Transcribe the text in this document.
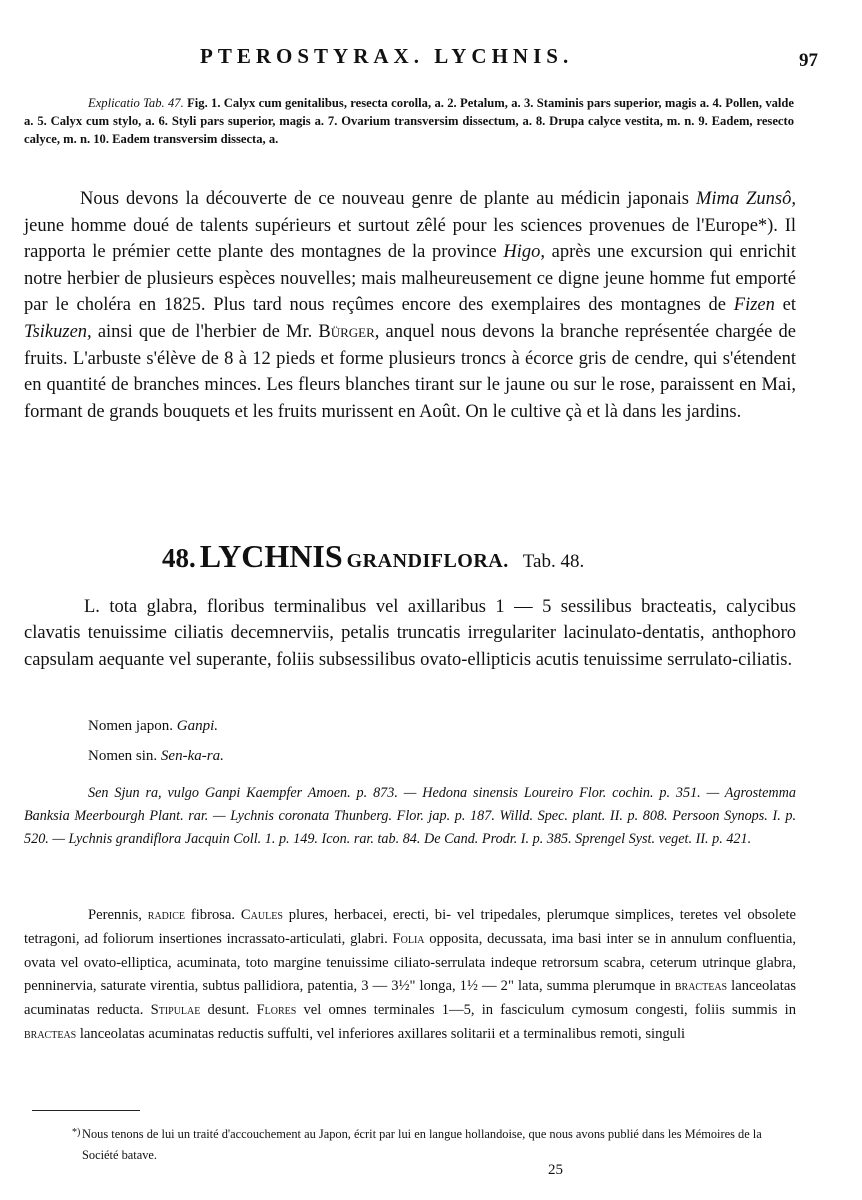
PTEROSTYRAX. LYCHNIS.	97
Explicatio Tab. 47. Fig. 1. Calyx cum genitalibus, resecta corolla, a. 2. Petalum, a. 3. Staminis pars superior, magis a. 4. Pollen, valde a. 5. Calyx cum stylo, a. 6. Styli pars superior, magis a. 7. Ovarium transversim dissectum, a. 8. Drupa calyce vestita, m. n. 9. Eadem, resecto calyce, m. n. 10. Eadem transversim dissecta, a.
Nous devons la découverte de ce nouveau genre de plante au médicin japonais Mima Zunsô, jeune homme doué de talents supérieurs et surtout zêlé pour les sciences provenues de l'Europe*). Il rapporta le prémier cette plante des montagnes de la province Higo, après une excursion qui enrichit notre herbier de plusieurs espèces nouvelles; mais malheureusement ce digne jeune homme fut emporté par le choléra en 1825. Plus tard nous reçûmes encore des exemplaires des montagnes de Fizen et Tsikuzen, ainsi que de l'herbier de Mr. Bürger, anquel nous devons la branche représentée chargée de fruits. L'arbuste s'élève de 8 à 12 pieds et forme plusieurs troncs à écorce gris de cendre, qui s'étendent en quantité de branches minces. Les fleurs blanches tirant sur le jaune ou sur le rose, paraissent en Mai, formant de grands bouquets et les fruits murissent en Août. On le cultive çà et là dans les jardins.
48. LYCHNIS GRANDIFLORA. Tab. 48.
L. tota glabra, floribus terminalibus vel axillaribus 1 — 5 sessilibus bracteatis, calycibus clavatis tenuissime ciliatis decemnerviis, petalis truncatis irregulariter lacinulato-dentatis, anthophoro capsulam aequante vel superante, foliis subsessilibus ovato-ellipticis acutis tenuissime serrulato-ciliatis.
Nomen japon. Ganpi.
Nomen sin. Sen-ka-ra.
Sen Sjun ra, vulgo Ganpi Kaempfer Amoen. p. 873. — Hedona sinensis Loureiro Flor. cochin. p. 351. — Agrostemma Banksia Meerbourgh Plant. rar. — Lychnis coronata Thunberg. Flor. jap. p. 187. Willd. Spec. plant. II. p. 808. Persoon Synops. I. p. 520. — Lychnis grandiflora Jacquin Coll. 1. p. 149. Icon. rar. tab. 84. De Cand. Prodr. I. p. 385. Sprengel Syst. veget. II. p. 421.
Perennis, radice fibrosa. Caules plures, herbacei, erecti, bi- vel tripedales, plerumque simplices, teretes vel obsolete tetragoni, ad foliorum insertiones incrassato-articulati, glabri. Folia opposita, decussata, ima basi inter se in annulum confluentia, ovata vel ovato-elliptica, acuminata, toto margine tenuissime ciliato-serrulata indeque retrorsum scabra, ceterum utrinque glabra, penninervia, saturate virentia, subtus pallidiora, patentia, 3 — 3½" longa, 1½ — 2" lata, summa plerumque in bracteas lanceolatas acuminatas reducta. Stipulae desunt. Flores vel omnes terminales 1—5, in fasciculum cymosum congesti, foliis summis in bracteas lanceolatas acuminatas reductis suffulti, vel inferiores axillares solitarii et a terminalibus remoti, singuli
*) Nous tenons de lui un traité d'accouchement au Japon, écrit par lui en langue hollandoise, que nous avons publié dans les Mémoires de la Société batave.
25
